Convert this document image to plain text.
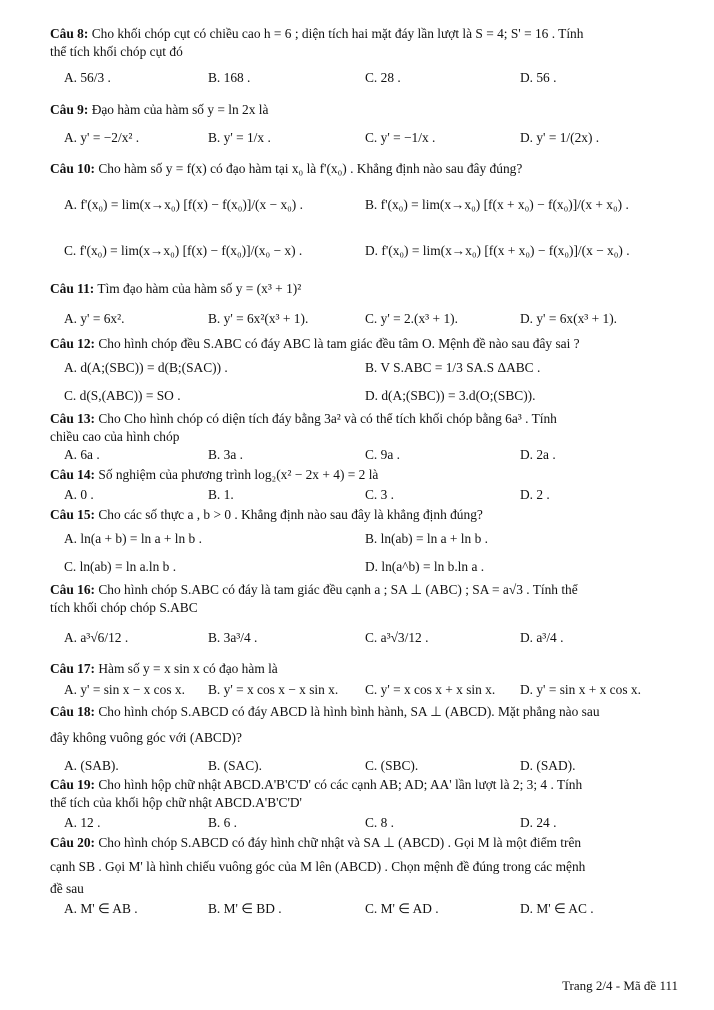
Câu 8: Cho khối chóp cụt có chiều cao h = 6 ; diện tích hai mặt đáy lần lượt là S = 4; S' = 16 . Tính
thể tích khối chóp cụt đó
A. 56/3 .	B. 168 .	C. 28 .	D. 56 .
Câu 9: Đạo hàm của hàm số y = ln 2x là
A. y' = −2/x² .	B. y' = 1/x .	C. y' = −1/x .	D. y' = 1/(2x) .
Câu 10: Cho hàm số y = f(x) có đạo hàm tại x₀ là f'(x₀) . Khẳng định nào sau đây đúng?
A. f'(x₀) = lim(x→x₀) [f(x) − f(x₀)]/(x − x₀) .	B. f'(x₀) = lim(x→x₀) [f(x + x₀) − f(x₀)]/(x + x₀) .
C. f'(x₀) = lim(x→x₀) [f(x) − f(x₀)]/(x₀ − x) .	D. f'(x₀) = lim(x→x₀) [f(x + x₀) − f(x₀)]/(x − x₀) .
Câu 11: Tìm đạo hàm của hàm số y = (x³ + 1)²
A. y' = 6x².	B. y' = 6x²(x³ + 1).	C. y' = 2.(x³ + 1).	D. y' = 6x(x³ + 1).
Câu 12: Cho hình chóp đều S.ABC có đáy ABC là tam giác đều tâm O. Mệnh đề nào sau đây sai ?
A. d(A;(SBC)) = d(B;(SAC)) .	B. V S.ABC = 1/3 SA.S ΔABC .
C. d(S,(ABC)) = SO .	D. d(A;(SBC)) = 3.d(O;(SBC)).
Câu 13: Cho Cho hình chóp có diện tích đáy bằng 3a² và có thể tích khối chóp bằng 6a³ . Tính
chiều cao của hình chóp
A. 6a .	B. 3a .	C. 9a .	D. 2a .
Câu 14: Số nghiệm của phương trình log₂(x² − 2x + 4) = 2 là
A. 0 .	B. 1.	C. 3 .	D. 2 .
Câu 15: Cho các số thực a , b > 0 . Khẳng định nào sau đây là khẳng định đúng?
A. ln(a + b) = ln a + ln b .	B. ln(ab) = ln a + ln b .
C. ln(ab) = ln a.ln b .	D. ln(a^b) = ln b.ln a .
Câu 16: Cho hình chóp S.ABC có đáy là tam giác đều cạnh a ; SA ⊥ (ABC) ; SA = a√3 . Tính thể
tích khối chóp chóp S.ABC
A. a³√6/12 .	B. 3a³/4 .	C. a³√3/12 .	D. a³/4 .
Câu 17: Hàm số y = x sin x có đạo hàm là
A. y' = sin x − x cos x. B. y' = x cos x − x sin x. C. y' = x cos x + x sin x. D. y' = sin x + x cos x.
Câu 18: Cho hình chóp S.ABCD có đáy ABCD là hình bình hành, SA ⊥ (ABCD). Mặt phẳng nào sau
đây không vuông góc với (ABCD)?
A. (SAB).	B. (SAC).	C. (SBC).	D. (SAD).
Câu 19: Cho hình hộp chữ nhật ABCD.A'B'C'D' có các cạnh AB; AD; AA' lần lượt là 2; 3; 4 . Tính
thể tích của khối hộp chữ nhật ABCD.A'B'C'D'
A. 12 .	B. 6 .	C. 8 .	D. 24 .
Câu 20: Cho hình chóp S.ABCD có đáy hình chữ nhật và SA ⊥ (ABCD) . Gọi M là một điểm trên
cạnh SB . Gọi M' là hình chiếu vuông góc của M lên (ABCD) . Chọn mệnh đề đúng trong các mệnh
đề sau
A. M' ∈ AB .	B. M' ∈ BD .	C. M' ∈ AD .	D. M' ∈ AC .
Trang 2/4 - Mã đề 111
